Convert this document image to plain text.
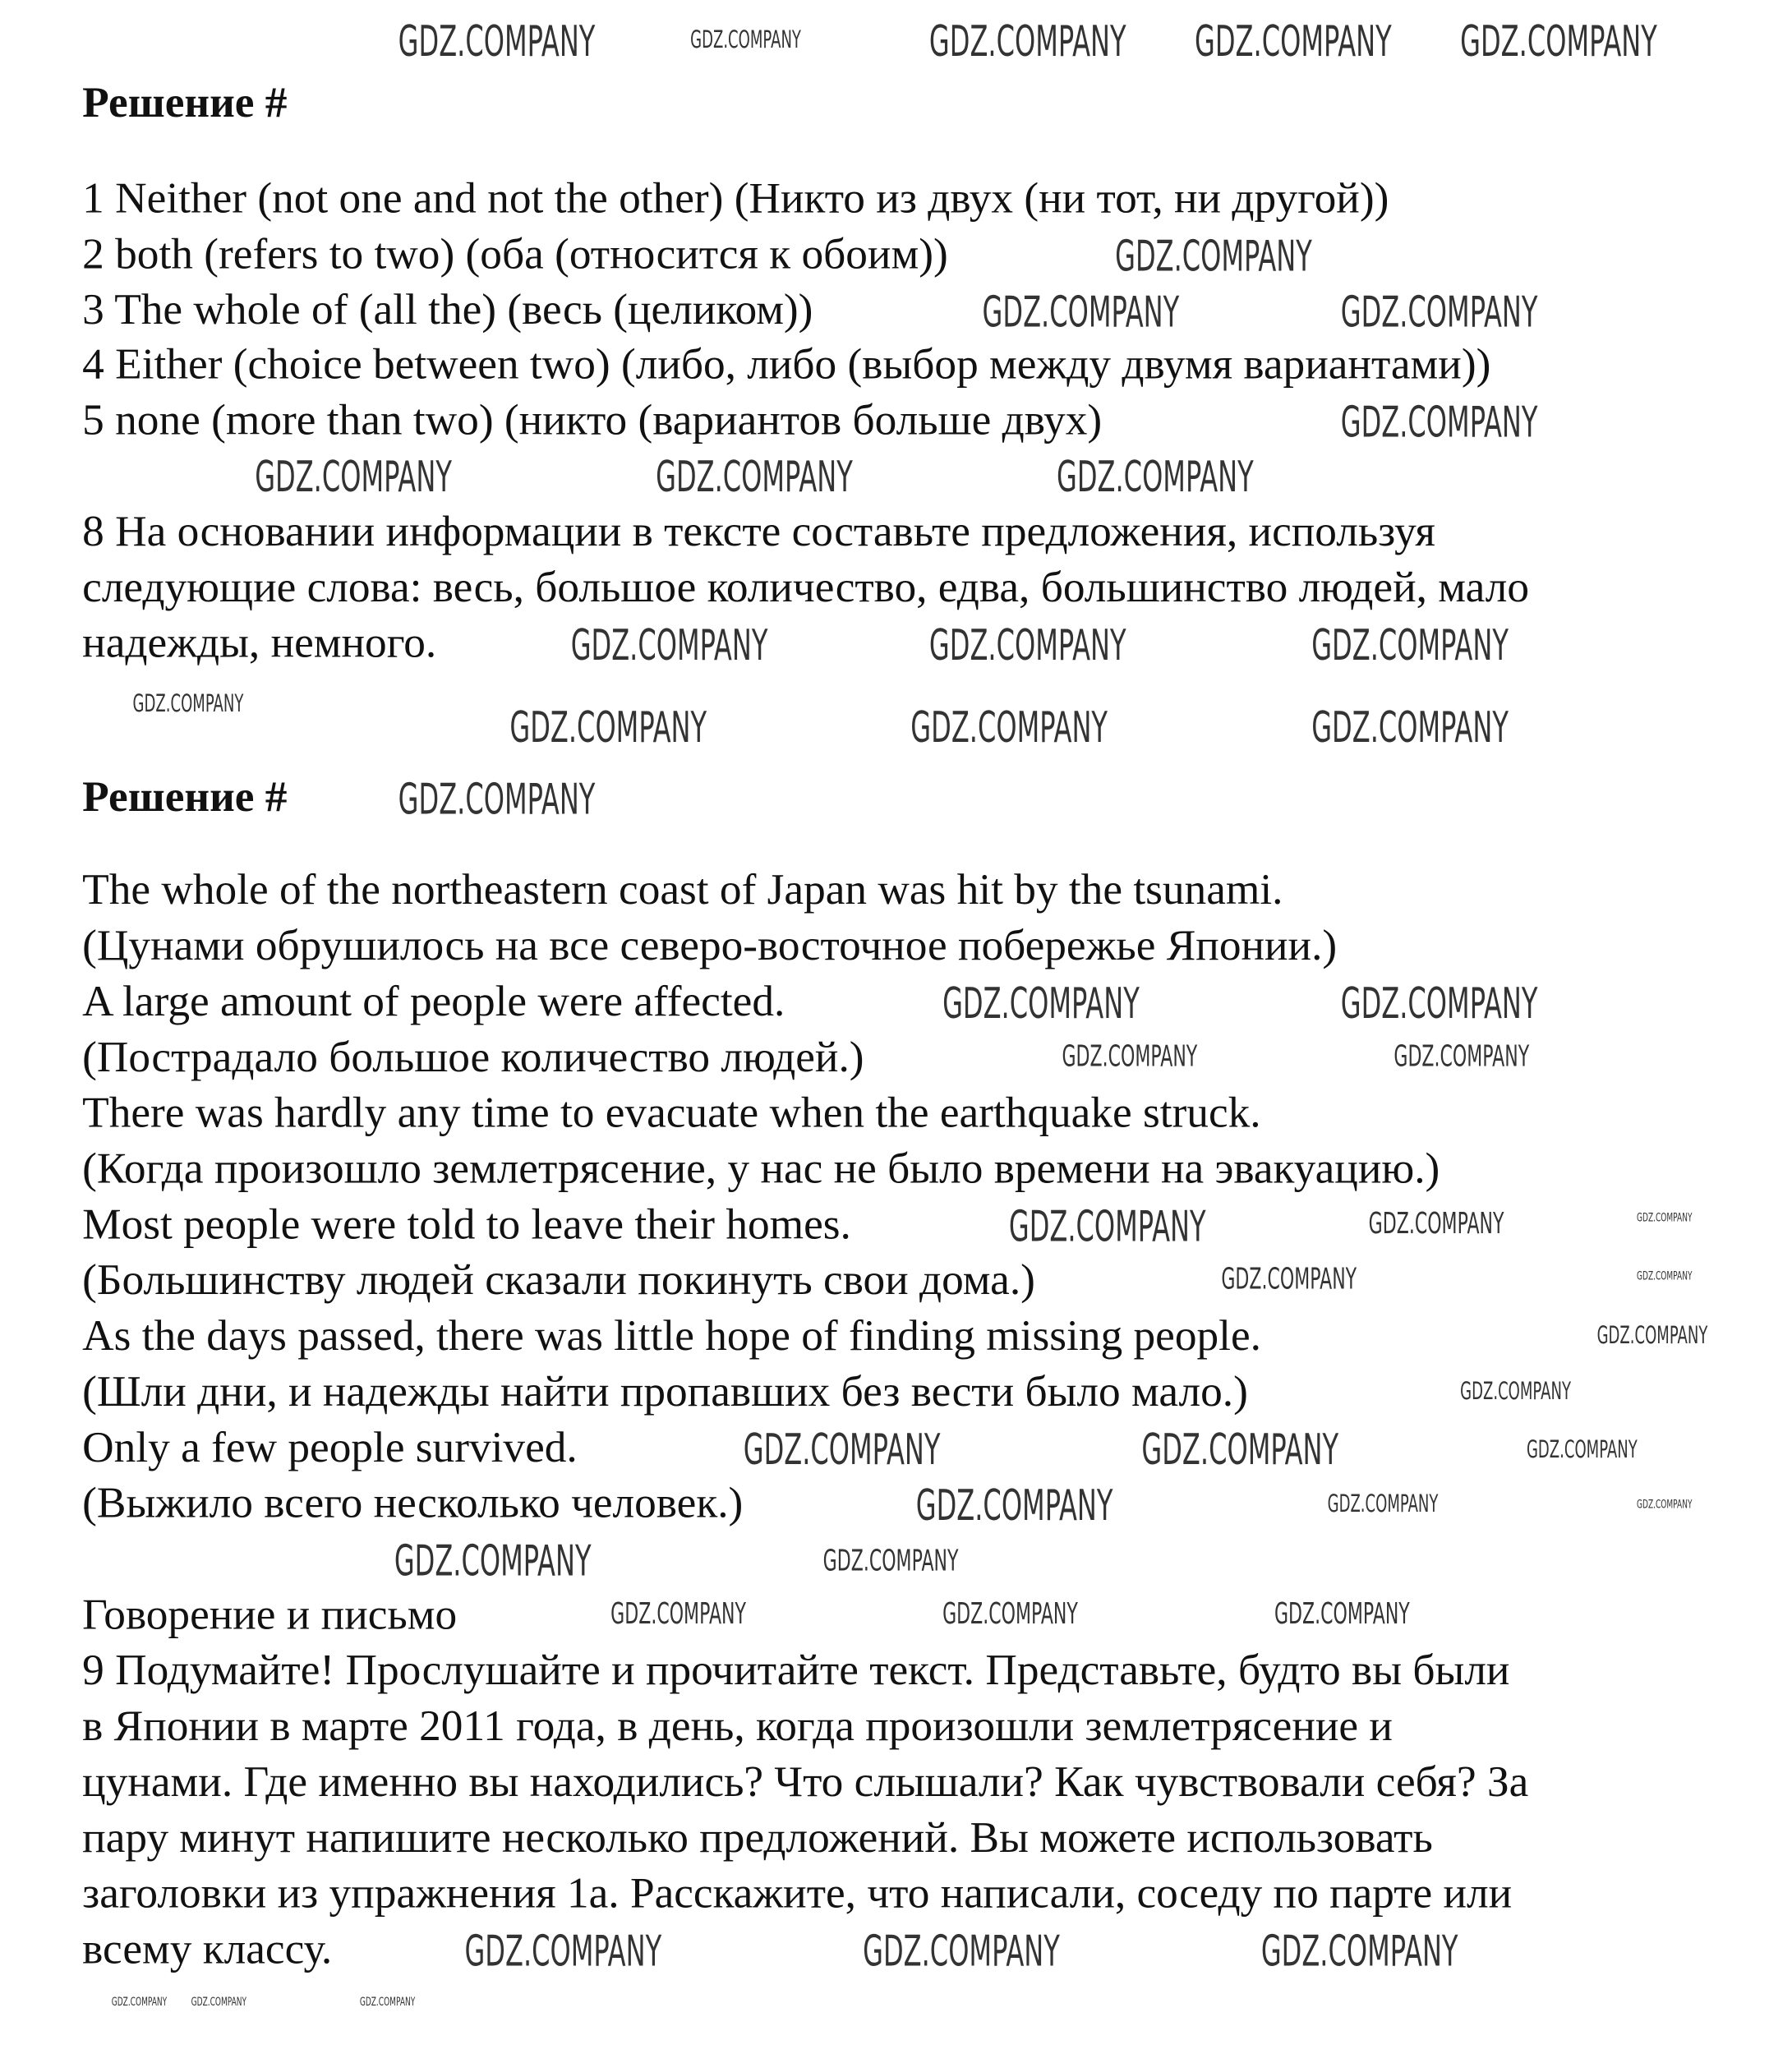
Решение #
1 Neither (not one and not the other) (Никто из двух (ни тот, ни другой))
2 both (refers to two) (оба (относится к обоим))
3 The whole of (all the) (весь (целиком))
4 Either (choice between two) (либо, либо (выбор между двумя вариантами))
5 none (more than two) (никто (вариантов больше двух)
8 На основании информации в тексте составьте предложения, используя
следующие слова: весь, большое количество, едва, большинство людей, мало
надежды, немного.
Решение #
The whole of the northeastern coast of Japan was hit by the tsunami.
(Цунами обрушилось на все северо-восточное побережье Японии.)
A large amount of people were affected.
(Пострадало большое количество людей.)
There was hardly any time to evacuate when the earthquake struck.
(Когда произошло землетрясение, у нас не было времени на эвакуацию.)
Most people were told to leave their homes.
(Большинству людей сказали покинуть свои дома.)
As the days passed, there was little hope of finding missing people.
(Шли дни, и надежды найти пропавших без вести было мало.)
Only a few people survived.
(Выжило всего несколько человек.)
Говорение и письмо
9 Подумайте! Прослушайте и прочитайте текст. Представьте, будто вы были
в Японии в марте 2011 года, в день, когда произошли землетрясение и
цунами. Где именно вы находились? Что слышали? Как чувствовали себя? За
пару минут напишите несколько предложений. Вы можете использовать
заголовки из упражнения 1а. Расскажите, что написали, соседу по парте или
всему классу.
GDZ.COMPANY	GDZ.COMPANY	GDZ.COMPANY	GDZ.COMPANY	GDZ.COMPANY
GDZ.COMPANY
GDZ.COMPANY	GDZ.COMPANY
GDZ.COMPANY
GDZ.COMPANY	GDZ.COMPANY	GDZ.COMPANY
GDZ.COMPANY	GDZ.COMPANY	GDZ.COMPANY
GDZ.COMPANY	GDZ.COMPANY	GDZ.COMPANY	GDZ.COMPANY
GDZ.COMPANY
GDZ.COMPANY	GDZ.COMPANY
GDZ.COMPANY	GDZ.COMPANY
GDZ.COMPANY	GDZ.COMPANY	GDZ.COMPANY
GDZ.COMPANY	GDZ.COMPANY
GDZ.COMPANY
GDZ.COMPANY
GDZ.COMPANY	GDZ.COMPANY	GDZ.COMPANY
GDZ.COMPANY	GDZ.COMPANY	GDZ.COMPANY
GDZ.COMPANY	GDZ.COMPANY
GDZ.COMPANY	GDZ.COMPANY	GDZ.COMPANY
GDZ.COMPANY	GDZ.COMPANY	GDZ.COMPANY
GDZ.COMPANY	GDZ.COMPANY	GDZ.COMPANY
